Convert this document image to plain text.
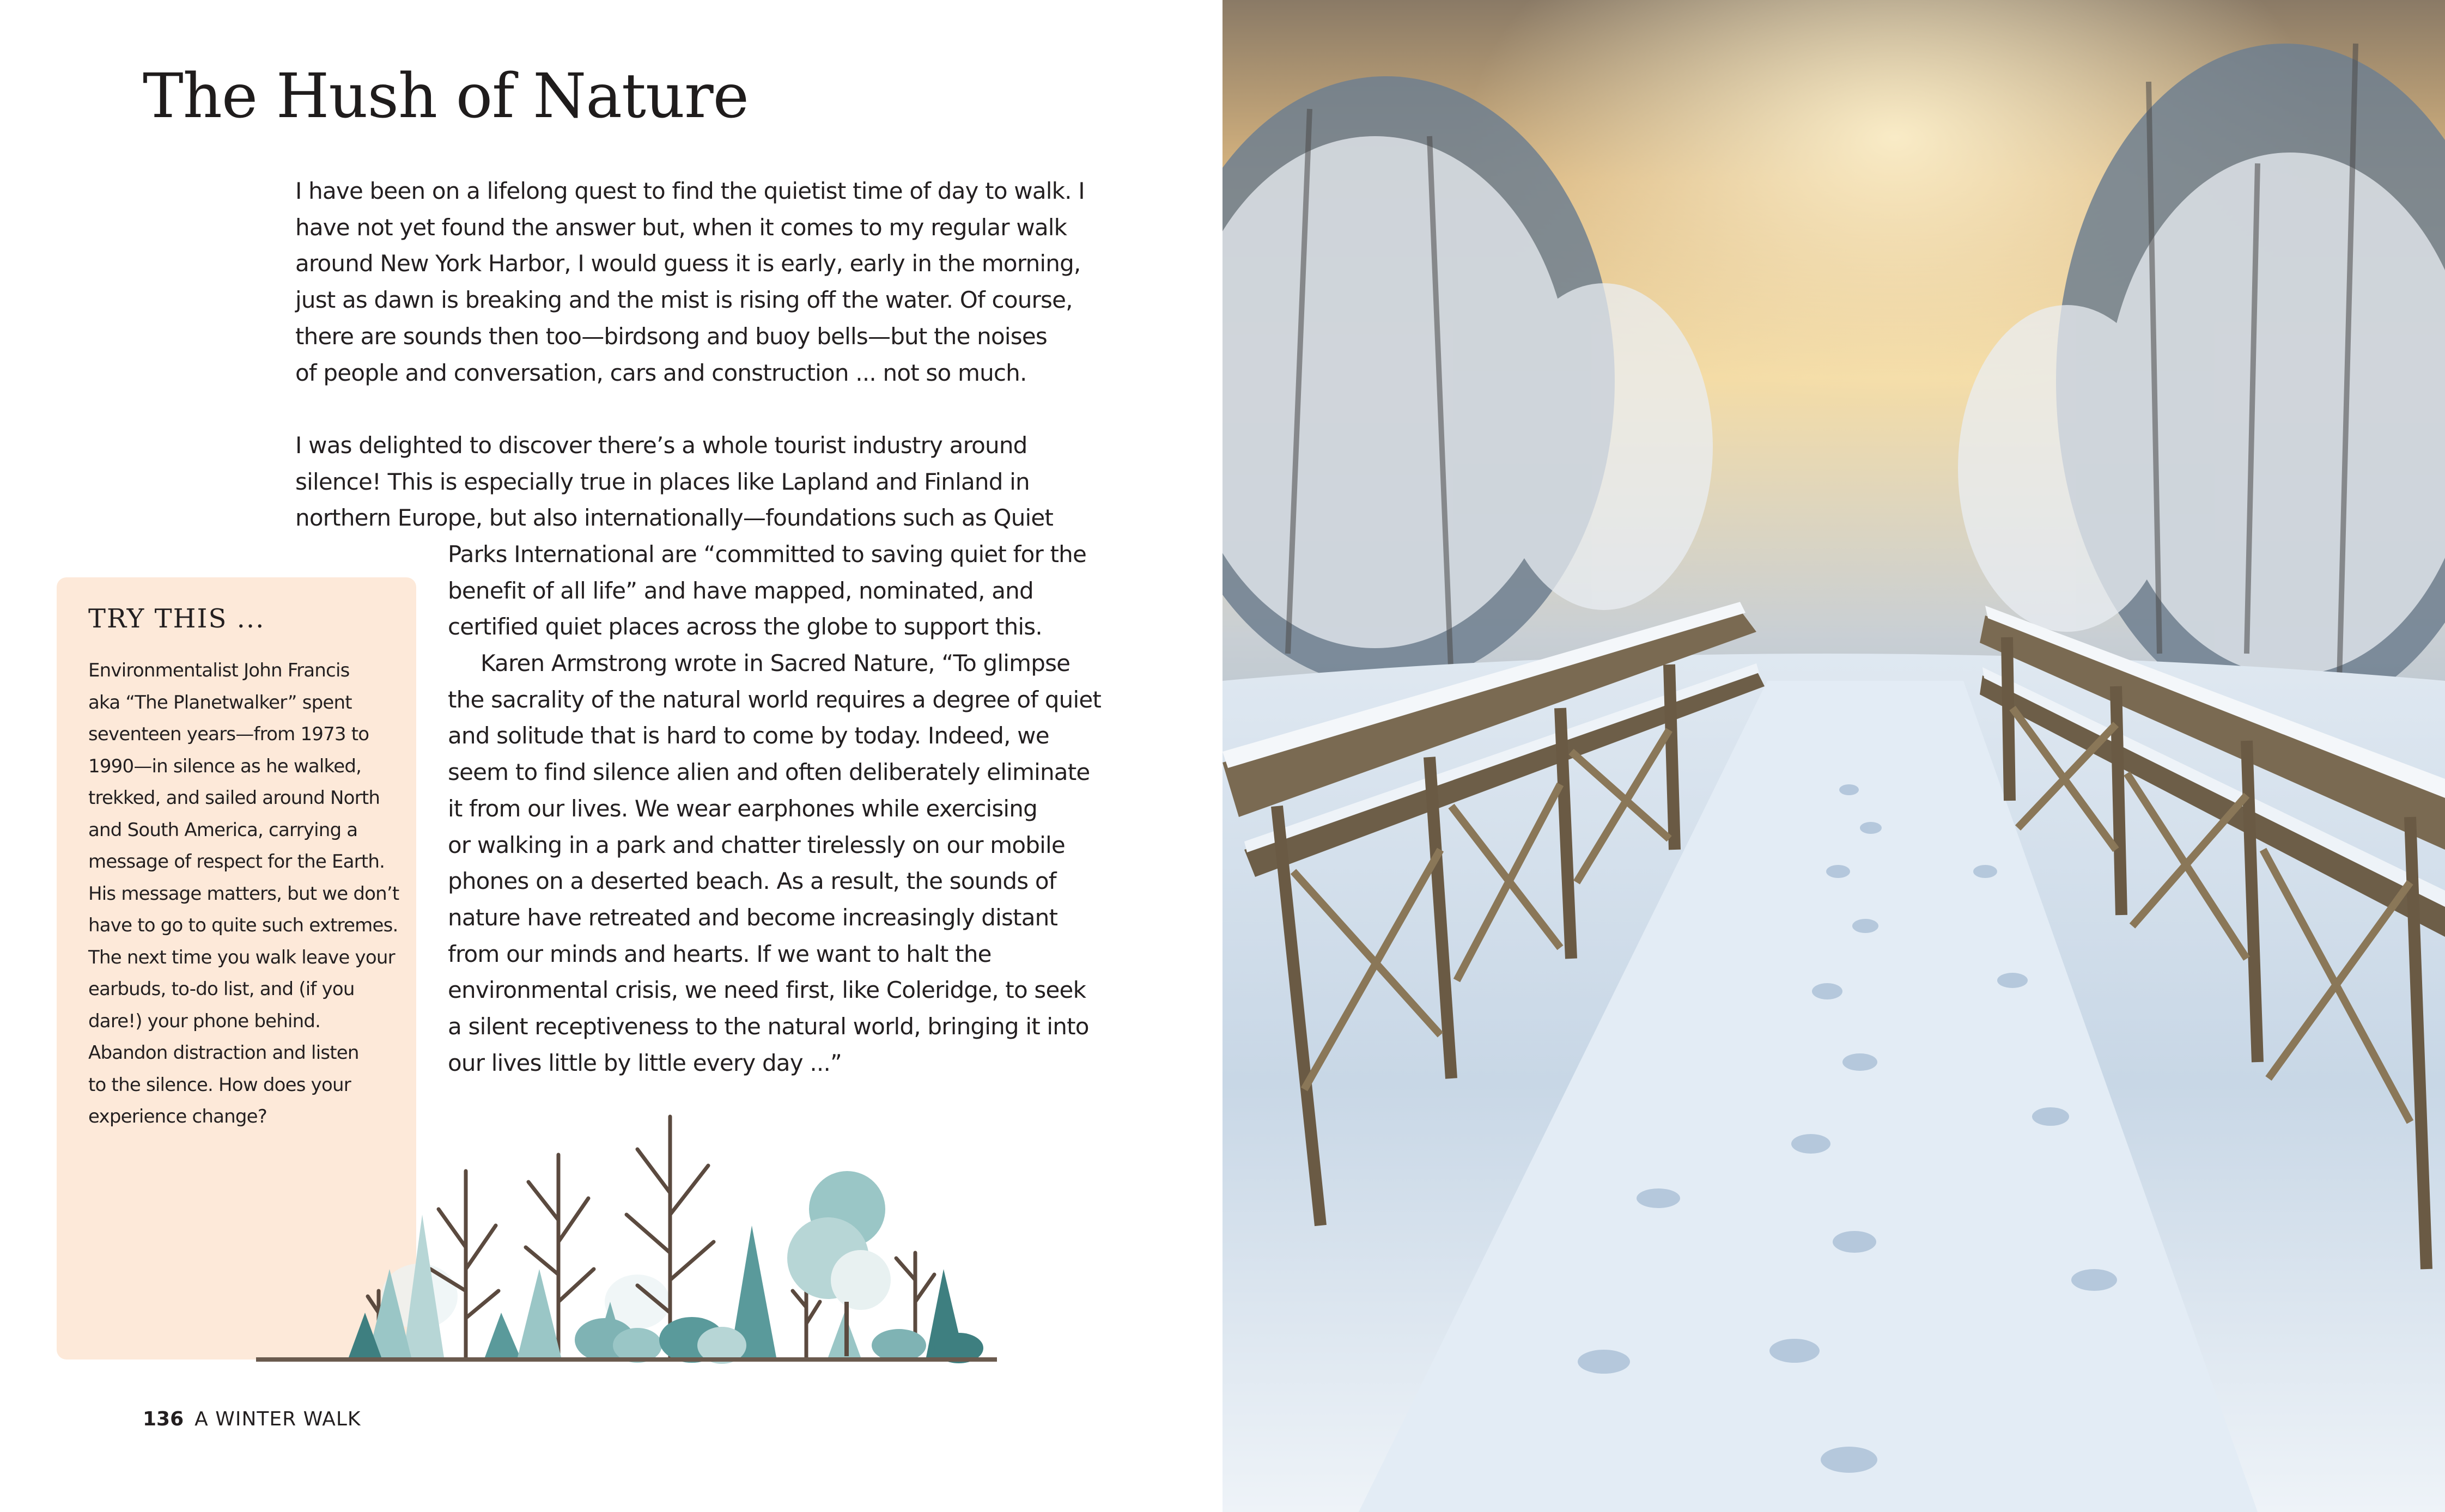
The Hush of Nature

I have been on a lifelong quest to find the quietist time of day to walk. I
have not yet found the answer but, when it comes to my regular walk
around New York Harbor, I would guess it is early, early in the morning,
just as dawn is breaking and the mist is rising off the water. Of course,
there are sounds then too—birdsong and buoy bells—but the noises
of people and conversation, cars and construction ... not so much.

I was delighted to discover there’s a whole tourist industry around
silence! This is especially true in places like Lapland and Finland in
northern Europe, but also internationally—foundations such as Quiet

Parks International are “committed to saving quiet for the
benefit of all life” and have mapped, nominated, and
certified quiet places across the globe to support this.

Karen Armstrong wrote in Sacred Nature, “To glimpse
the sacrality of the natural world requires a degree of quiet
and solitude that is hard to come by today. Indeed, we
seem to find silence alien and often deliberately eliminate
it from our lives. We wear earphones while exercising
or walking in a park and chatter tirelessly on our mobile
phones on a deserted beach. As a result, the sounds of
nature have retreated and become increasingly distant
from our minds and hearts. If we want to halt the
environmental crisis, we need first, like Coleridge, to seek
a silent receptiveness to the natural world, bringing it into
our lives little by little every day ...”

TRY THIS ...

Environmentalist John Francis
aka “The Planetwalker” spent
seventeen years—from 1973 to
1990—in silence as he walked,
trekked, and sailed around North
and South America, carrying a
message of respect for the Earth.
His message matters, but we don’t
have to go to quite such extremes.
The next time you walk leave your
earbuds, to-do list, and (if you
dare!) your phone behind.
Abandon distraction and listen
to the silence. How does your
experience change?

136 A WINTER WALK
